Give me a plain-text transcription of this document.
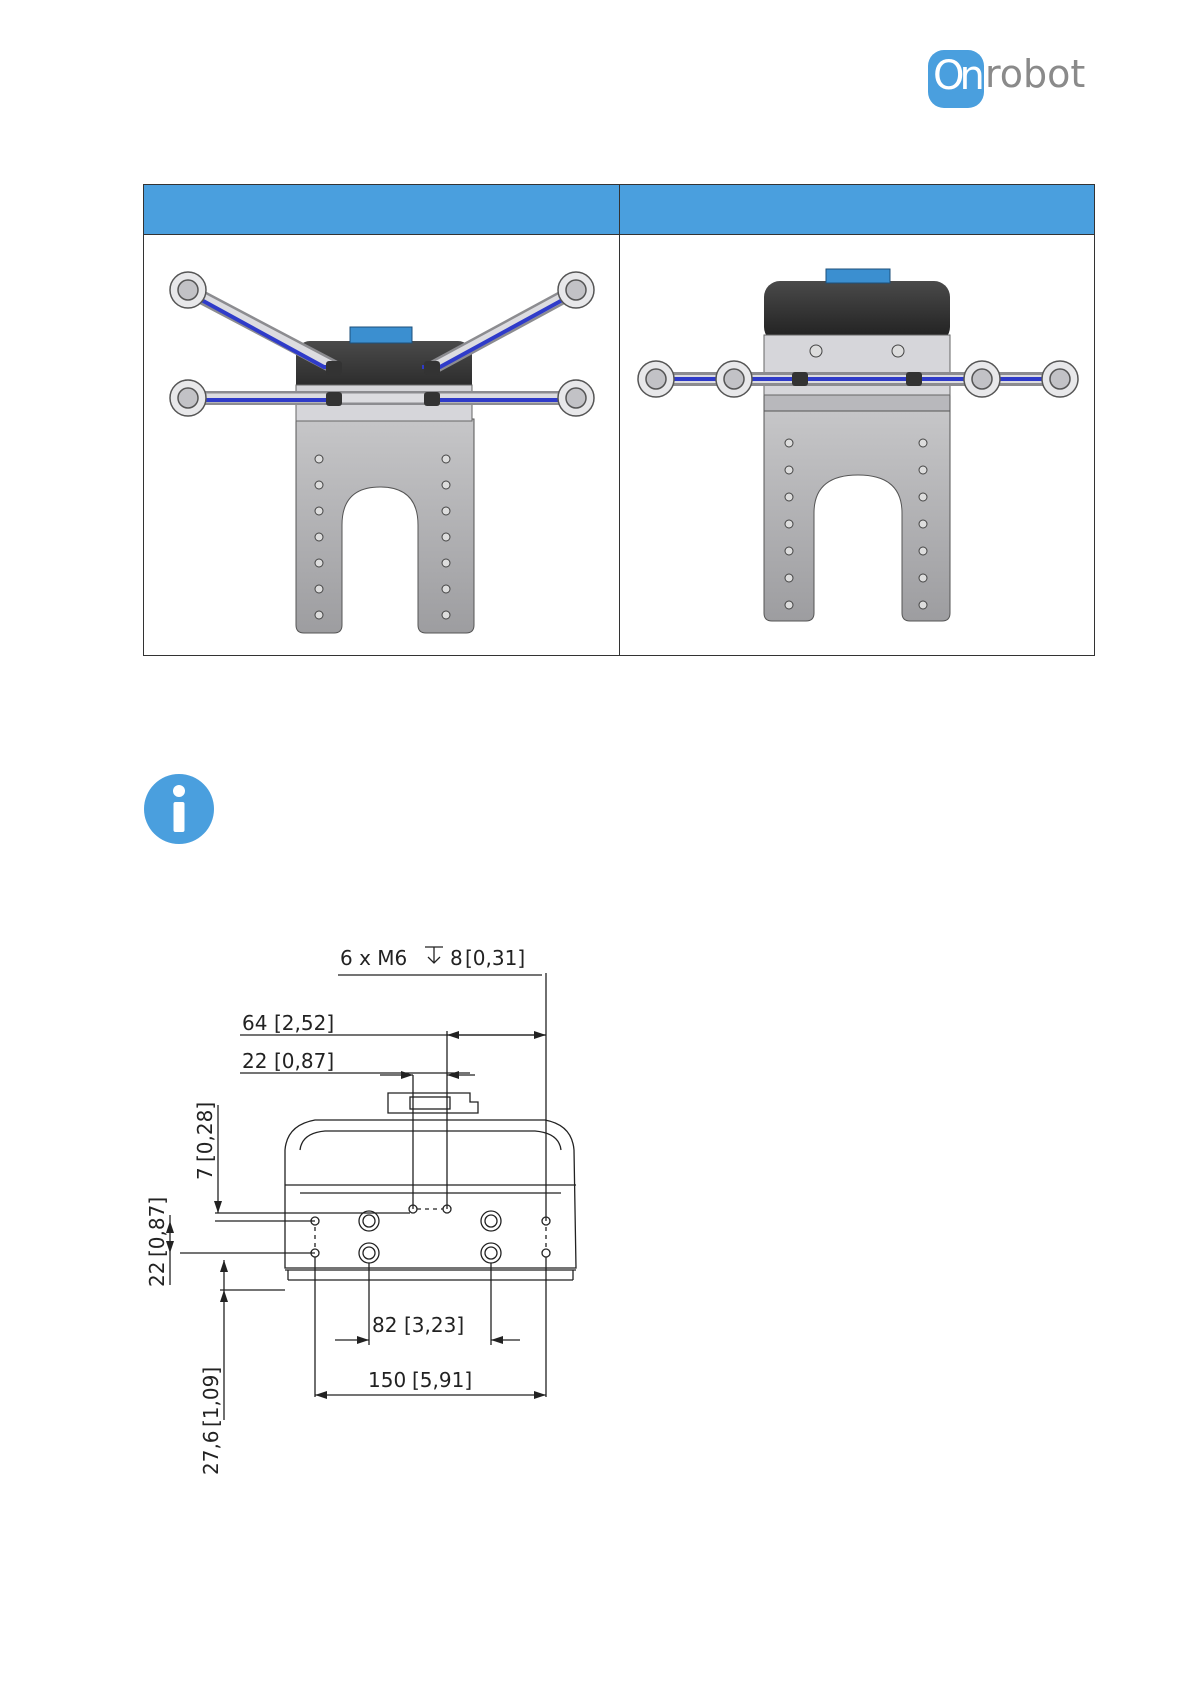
On robot

6 x M6 8 [0,31]
64 [2,52]
22 [0,87]
82 [3,23]
150 [5,91]
7
[0,28]
22
[0,87]
27,6
[1,09]
